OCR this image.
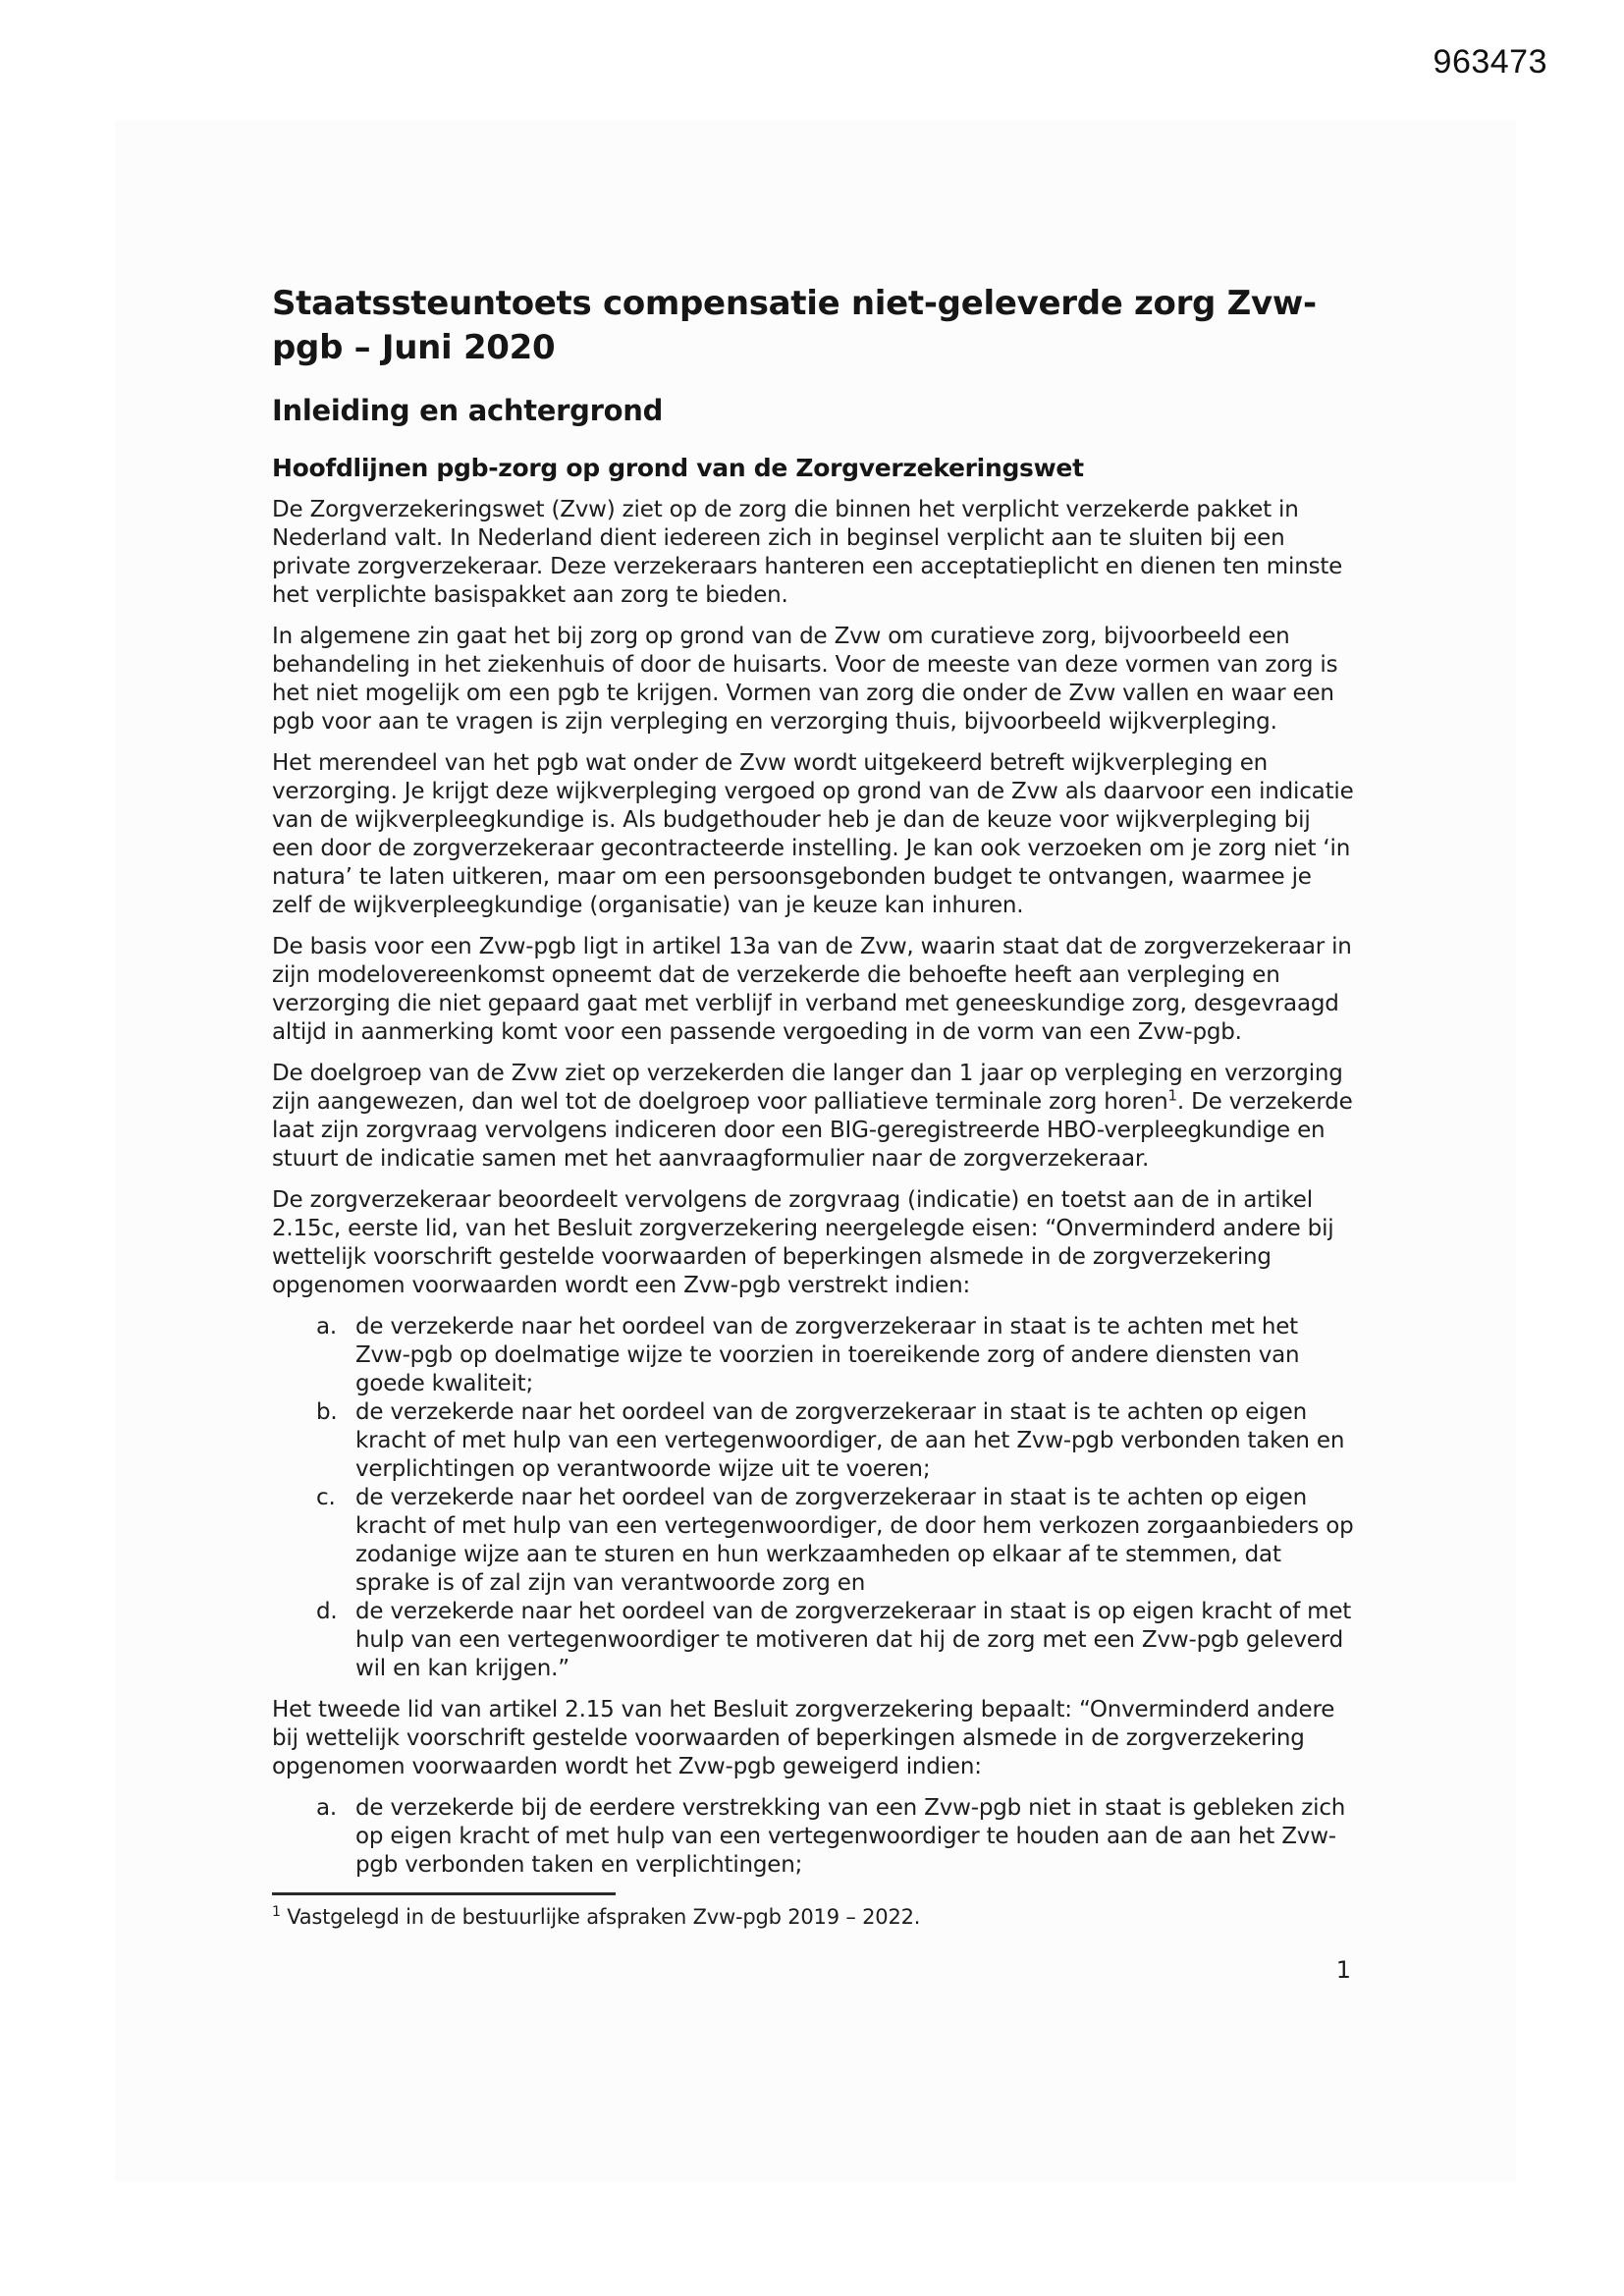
963473
Staatssteuntoets compensatie niet-geleverde zorg Zvw-pgb – Juni 2020
Inleiding en achtergrond
Hoofdlijnen pgb-zorg op grond van de Zorgverzekeringswet

De Zorgverzekeringswet (Zvw) ziet op de zorg die binnen het verplicht verzekerde pakket in Nederland valt. In Nederland dient iedereen zich in beginsel verplicht aan te sluiten bij een private zorgverzekeraar. Deze verzekeraars hanteren een acceptatieplicht en dienen ten minste het verplichte basispakket aan zorg te bieden.

In algemene zin gaat het bij zorg op grond van de Zvw om curatieve zorg, bijvoorbeeld een behandeling in het ziekenhuis of door de huisarts. Voor de meeste van deze vormen van zorg is het niet mogelijk om een pgb te krijgen. Vormen van zorg die onder de Zvw vallen en waar een pgb voor aan te vragen is zijn verpleging en verzorging thuis, bijvoorbeeld wijkverpleging.

Het merendeel van het pgb wat onder de Zvw wordt uitgekeerd betreft wijkverpleging en verzorging. Je krijgt deze wijkverpleging vergoed op grond van de Zvw als daarvoor een indicatie van de wijkverpleegkundige is. Als budgethouder heb je dan de keuze voor wijkverpleging bij een door de zorgverzekeraar gecontracteerde instelling. Je kan ook verzoeken om je zorg niet ‘in natura’ te laten uitkeren, maar om een persoonsgebonden budget te ontvangen, waarmee je zelf de wijkverpleegkundige (organisatie) van je keuze kan inhuren.

De basis voor een Zvw-pgb ligt in artikel 13a van de Zvw, waarin staat dat de zorgverzekeraar in zijn modelovereenkomst opneemt dat de verzekerde die behoefte heeft aan verpleging en verzorging die niet gepaard gaat met verblijf in verband met geneeskundige zorg, desgevraagd altijd in aanmerking komt voor een passende vergoeding in de vorm van een Zvw-pgb.

De doelgroep van de Zvw ziet op verzekerden die langer dan 1 jaar op verpleging en verzorging zijn aangewezen, dan wel tot de doelgroep voor palliatieve terminale zorg horen$^1$. De verzekerde laat zijn zorgvraag vervolgens indiceren door een BIG-geregistreerde HBO-verpleegkundige en stuurt de indicatie samen met het aanvraagformulier naar de zorgverzekeraar.

De zorgverzekeraar beoordeelt vervolgens de zorgvraag (indicatie) en toetst aan de in artikel 2.15c, eerste lid, van het Besluit zorgverzekering neergelegde eisen: “Onverminderd andere bij wettelijk voorschrift gestelde voorwaarden of beperkingen alsmede in de zorgverzekering opgenomen voorwaarden wordt een Zvw-pgb verstrekt indien:

a. de verzekerde naar het oordeel van de zorgverzekeraar in staat is te achten met het Zvw-pgb op doelmatige wijze te voorzien in toereikende zorg of andere diensten van goede kwaliteit;
b. de verzekerde naar het oordeel van de zorgverzekeraar in staat is te achten op eigen kracht of met hulp van een vertegenwoordiger, de aan het Zvw-pgb verbonden taken en verplichtingen op verantwoorde wijze uit te voeren;
c. de verzekerde naar het oordeel van de zorgverzekeraar in staat is te achten op eigen kracht of met hulp van een vertegenwoordiger, de door hem verkozen zorgaanbieders op zodanige wijze aan te sturen en hun werkzaamheden op elkaar af te stemmen, dat sprake is of zal zijn van verantwoorde zorg en
d. de verzekerde naar het oordeel van de zorgverzekeraar in staat is op eigen kracht of met hulp van een vertegenwoordiger te motiveren dat hij de zorg met een Zvw-pgb geleverd wil en kan krijgen.”

Het tweede lid van artikel 2.15 van het Besluit zorgverzekering bepaalt: “Onverminderd andere bij wettelijk voorschrift gestelde voorwaarden of beperkingen alsmede in de zorgverzekering opgenomen voorwaarden wordt het Zvw-pgb geweigerd indien:

a. de verzekerde bij de eerdere verstrekking van een Zvw-pgb niet in staat is gebleken zich op eigen kracht of met hulp van een vertegenwoordiger te houden aan de aan het Zvw-pgb verbonden taken en verplichtingen;
$^1$ Vastgelegd in de bestuurlijke afspraken Zvw-pgb 2019 – 2022.
1
